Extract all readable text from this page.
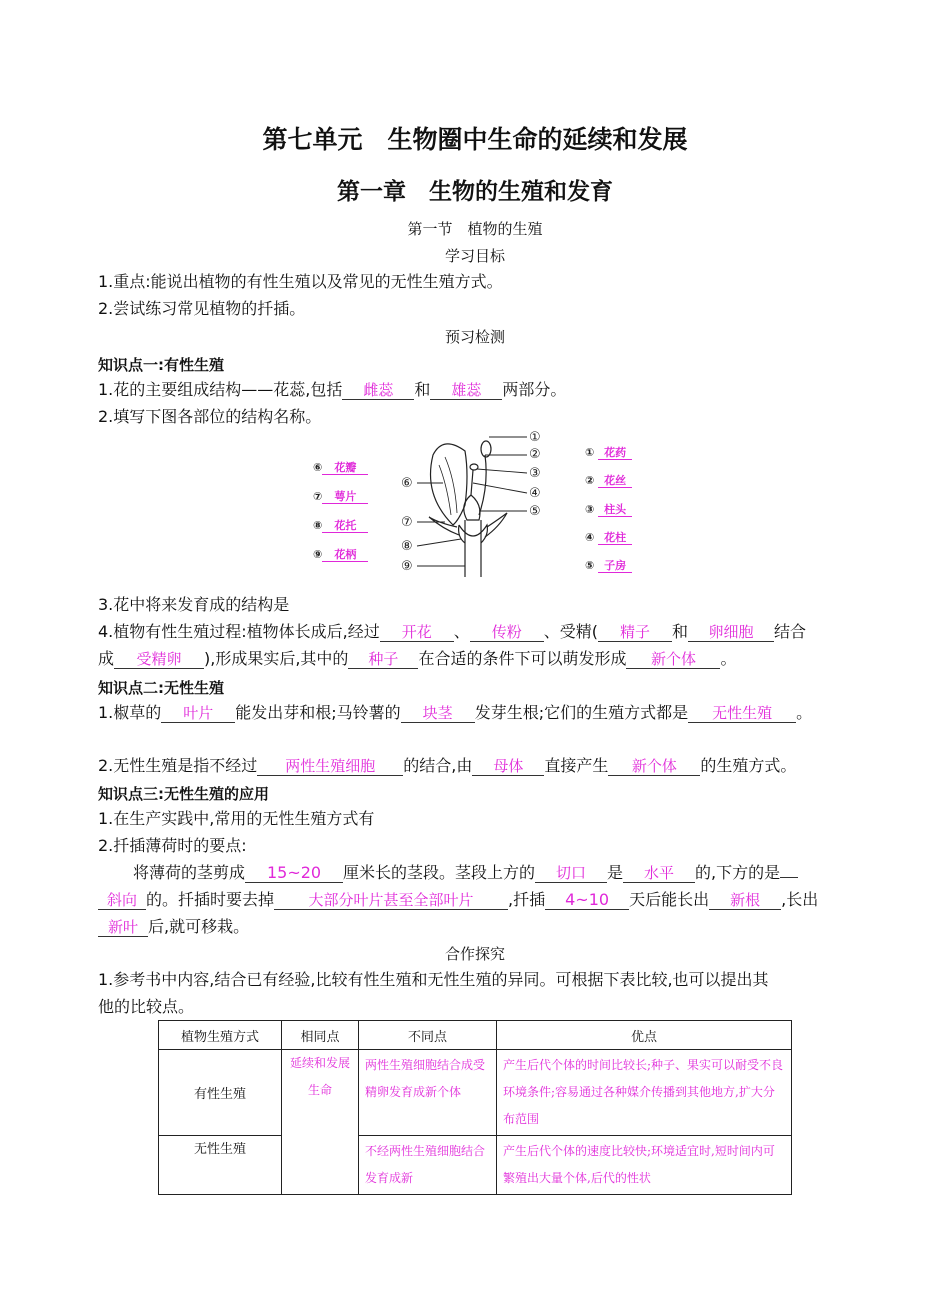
第七单元　生物圈中生命的延续和发展
第一章　生物的生殖和发育
第一节　植物的生殖
学习目标
1.重点:能说出植物的有性生殖以及常见的无性生殖方式。
2.尝试练习常见植物的扦插。
预习检测
知识点一:有性生殖
1.花的主要组成结构——花蕊,包括 雌蕊 和 雄蕊 两部分。
2.填写下图各部位的结构名称。
⑥ 花瓣
⑦ 萼片
⑧ 花托
⑨ 花柄
① 花药
② 花丝
③ 柱头
④ 花柱
⑤ 子房
①
②
③
④
⑤
⑥
⑦
⑧
⑨
3.花中将来发育成的结构是
4.植物有性生殖过程:植物体长成后,经过 开花 、 传粉 、受精( 精子 和 卵细胞 结合
成 受精卵 ),形成果实后,其中的 种子 在合适的条件下可以萌发形成 新个体 。
知识点二:无性生殖
1.椒草的 叶片 能发出芽和根;马铃薯的 块茎 发芽生根;它们的生殖方式都是 无性生殖 。
2.无性生殖是指不经过 两性生殖细胞 的结合,由 母体 直接产生 新个体 的生殖方式。
知识点三:无性生殖的应用
1.在生产实践中,常用的无性生殖方式有
2.扦插薄荷时的要点:
将薄荷的茎剪成 15~20 厘米长的茎段。茎段上方的 切口 是 水平 的,下方的是
斜向 的。扦插时要去掉 大部分叶片甚至全部叶片 ,扦插 4~10 天后能长出 新根 ,长出
新叶 后,就可移栽。
合作探究
1.参考书中内容,结合已有经验,比较有性生殖和无性生殖的异同。可根据下表比较,也可以提出其
他的比较点。
植物生殖方式	相同点	不同点	优点
有性生殖	延续和发展生命	两性生殖细胞结合成受精卵发育成新个体	产生后代个体的时间比较长;种子、果实可以耐受不良环境条件;容易通过各种媒介传播到其他地方,扩大分布范围
无性生殖		不经两性生殖细胞结合发育成新	产生后代个体的速度比较快;环境适宜时,短时间内可繁殖出大量个体,后代的性状
